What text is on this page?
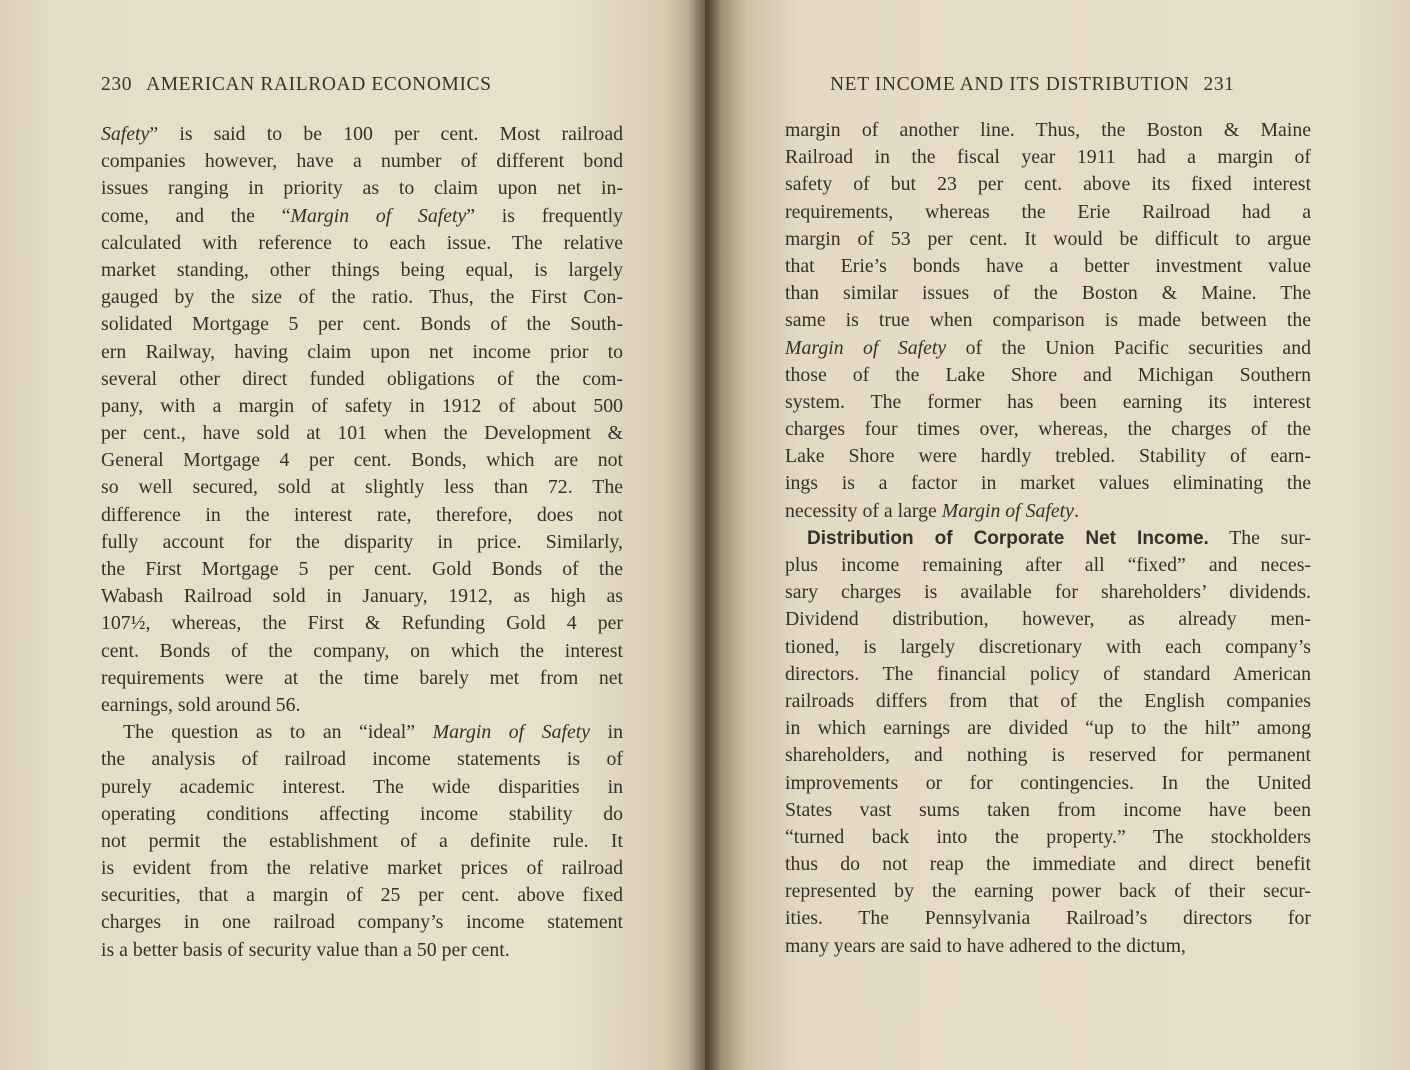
230 AMERICAN RAILROAD ECONOMICS
Safety” is said to be 100 per cent. Most railroad
companies however, have a number of different bond
issues ranging in priority as to claim upon net in-
come, and the “Margin of Safety” is frequently
calculated with reference to each issue. The relative
market standing, other things being equal, is largely
gauged by the size of the ratio. Thus, the First Con-
solidated Mortgage 5 per cent. Bonds of the South-
ern Railway, having claim upon net income prior to
several other direct funded obligations of the com-
pany, with a margin of safety in 1912 of about 500
per cent., have sold at 101 when the Development &
General Mortgage 4 per cent. Bonds, which are not
so well secured, sold at slightly less than 72. The
difference in the interest rate, therefore, does not
fully account for the disparity in price. Similarly,
the First Mortgage 5 per cent. Gold Bonds of the
Wabash Railroad sold in January, 1912, as high as
107½, whereas, the First & Refunding Gold 4 per
cent. Bonds of the company, on which the interest
requirements were at the time barely met from net
earnings, sold around 56.
The question as to an “ideal” Margin of Safety in
the analysis of railroad income statements is of
purely academic interest. The wide disparities in
operating conditions affecting income stability do
not permit the establishment of a definite rule. It
is evident from the relative market prices of railroad
securities, that a margin of 25 per cent. above fixed
charges in one railroad company’s income statement
is a better basis of security value than a 50 per cent.
NET INCOME AND ITS DISTRIBUTION 231
margin of another line. Thus, the Boston & Maine
Railroad in the fiscal year 1911 had a margin of
safety of but 23 per cent. above its fixed interest
requirements, whereas the Erie Railroad had a
margin of 53 per cent. It would be difficult to argue
that Erie’s bonds have a better investment value
than similar issues of the Boston & Maine. The
same is true when comparison is made between the
Margin of Safety of the Union Pacific securities and
those of the Lake Shore and Michigan Southern
system. The former has been earning its interest
charges four times over, whereas, the charges of the
Lake Shore were hardly trebled. Stability of earn-
ings is a factor in market values eliminating the
necessity of a large Margin of Safety.
Distribution of Corporate Net Income. The sur-
plus income remaining after all “fixed” and neces-
sary charges is available for shareholders’ dividends.
Dividend distribution, however, as already men-
tioned, is largely discretionary with each company’s
directors. The financial policy of standard American
railroads differs from that of the English companies
in which earnings are divided “up to the hilt” among
shareholders, and nothing is reserved for permanent
improvements or for contingencies. In the United
States vast sums taken from income have been
“turned back into the property.” The stockholders
thus do not reap the immediate and direct benefit
represented by the earning power back of their secur-
ities. The Pennsylvania Railroad’s directors for
many years are said to have adhered to the dictum,
